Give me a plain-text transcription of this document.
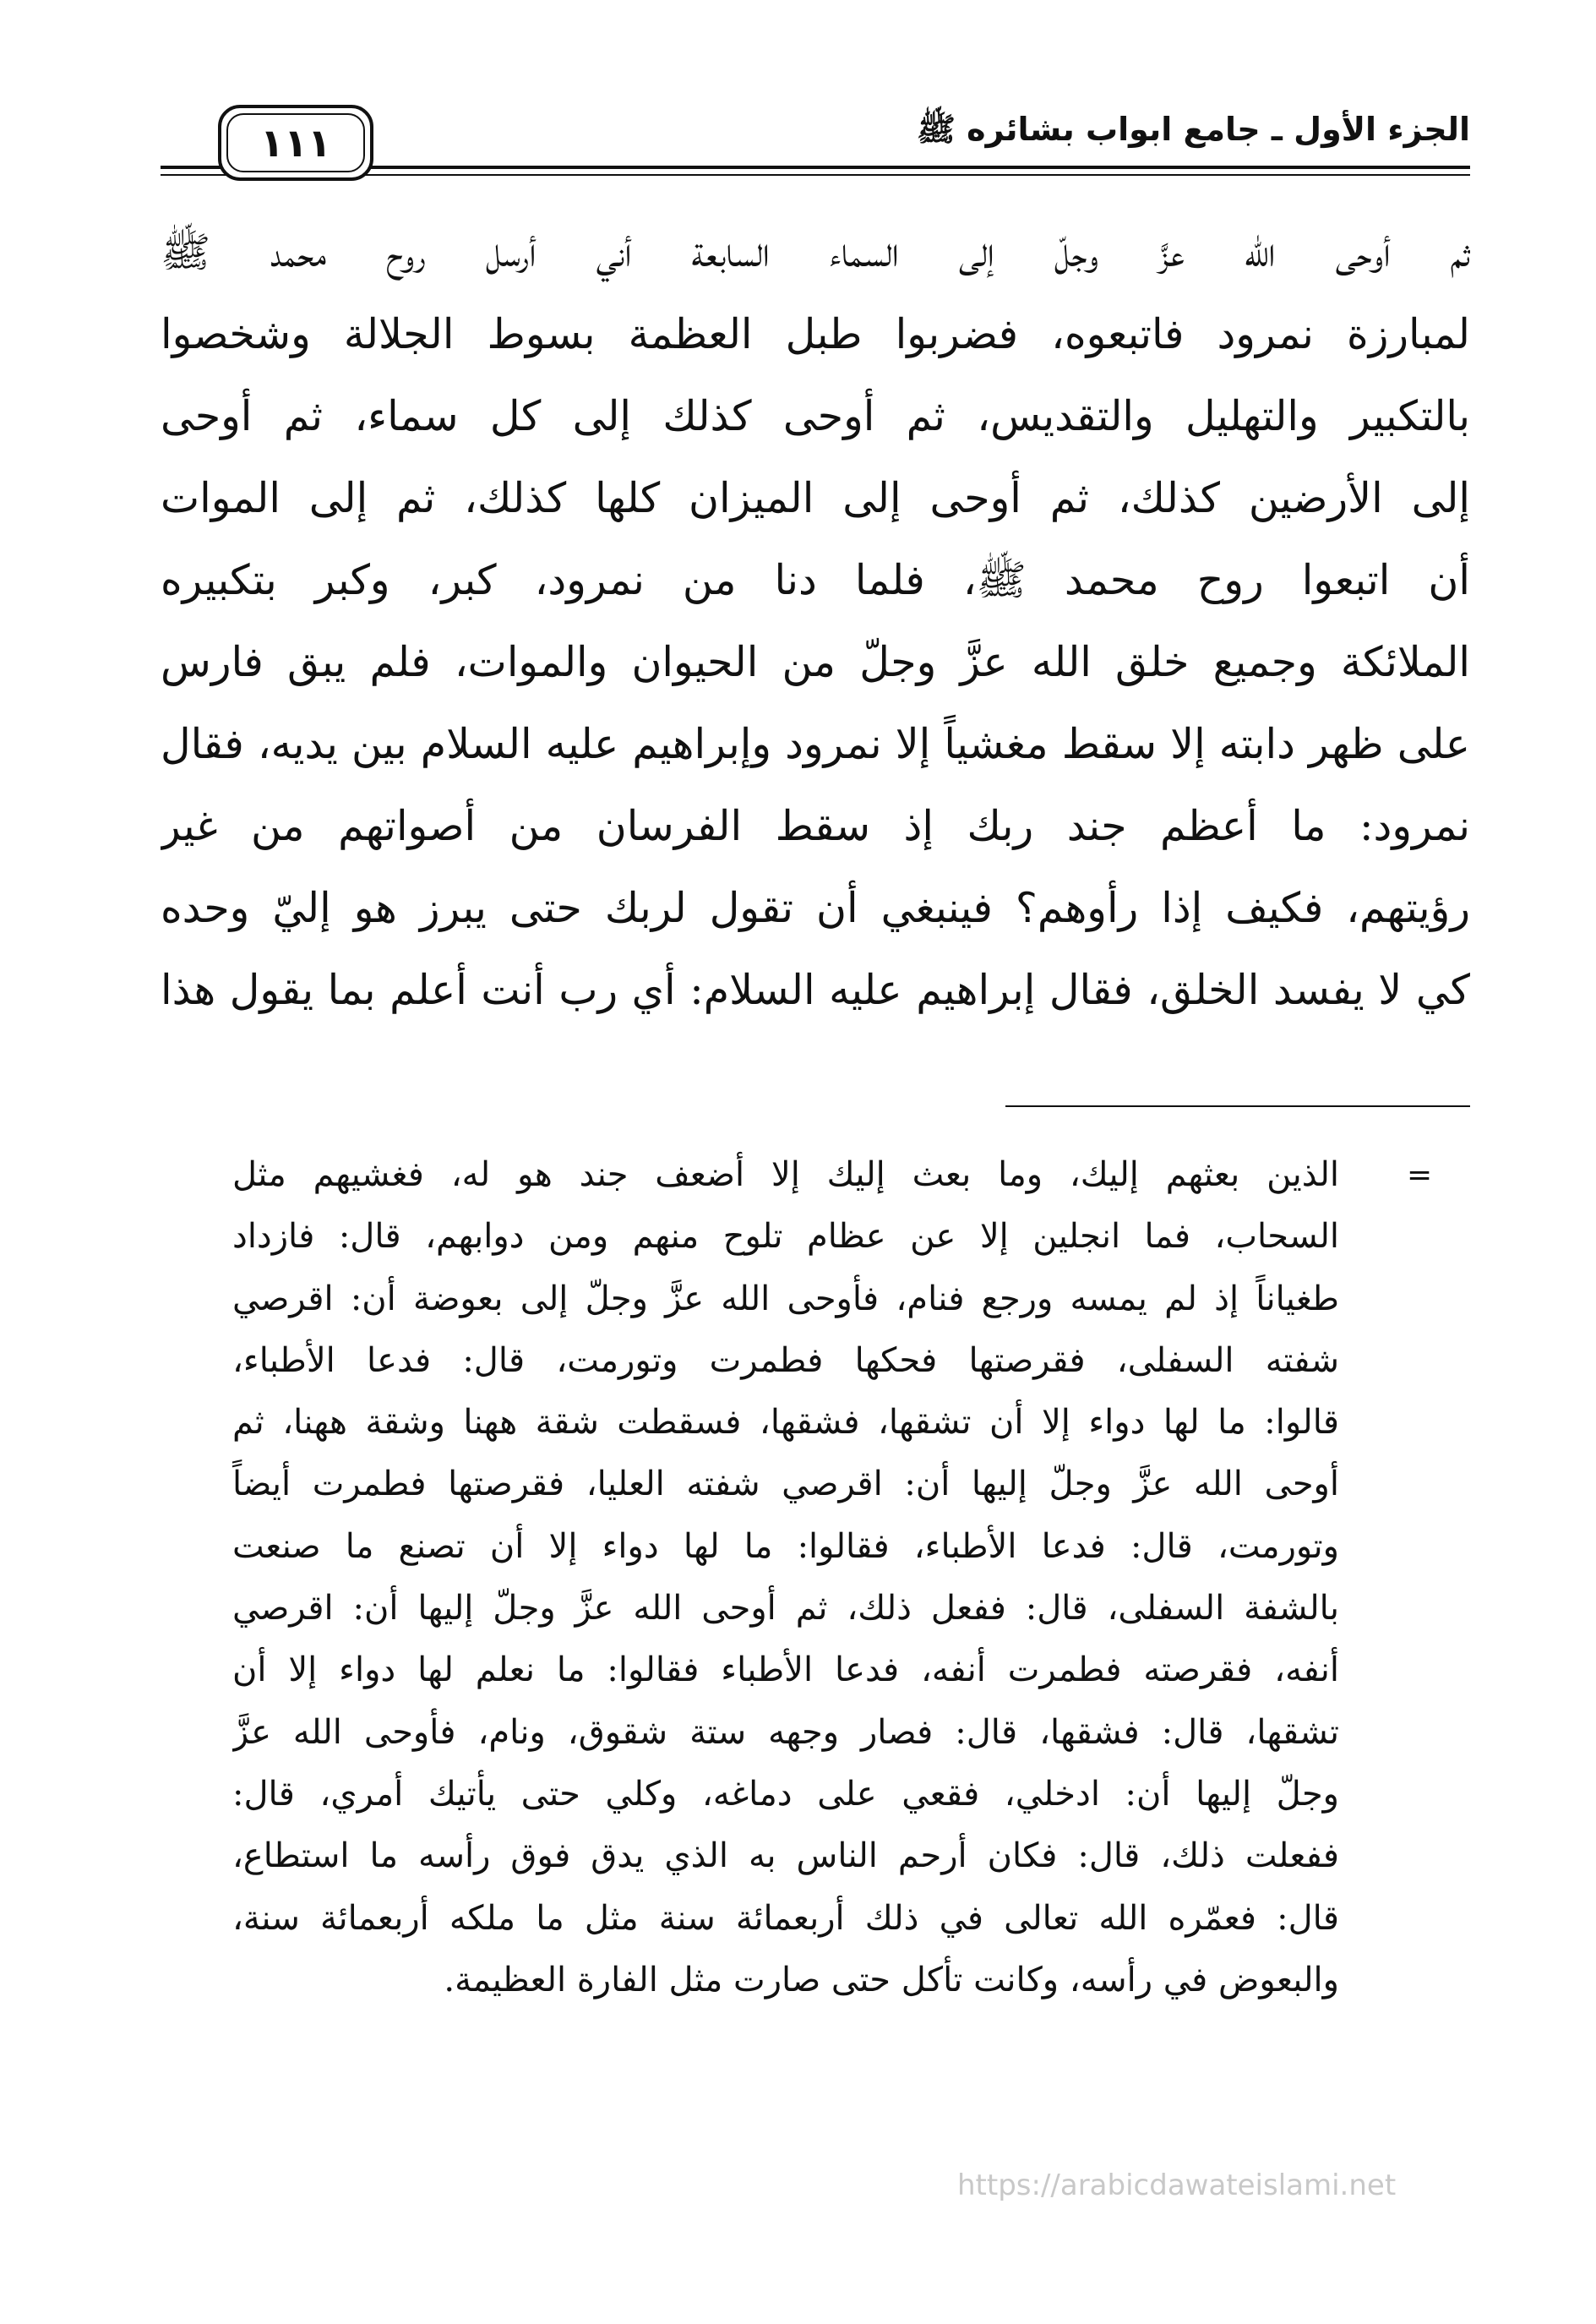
الجزء الأول ـ جامع ابواب بشائره ﷺ
١١١
ثم أوحى الله عزَّ وجلّ إلى السماء السابعة أني أرسل روح محمد ﷺ
لمبارزة نمرود فاتبعوه، فضربوا طبل العظمة بسوط الجلالة وشخصوا
بالتكبير والتهليل والتقديس، ثم أوحى كذلك إلى كل سماء، ثم أوحى
إلى الأرضين كذلك، ثم أوحى إلى الميزان كلها كذلك، ثم إلى الموات
أن اتبعوا روح محمد ﷺ، فلما دنا من نمرود، كبر، وكبر بتكبيره
الملائكة وجميع خلق الله عزَّ وجلّ من الحيوان والموات، فلم يبق فارس
على ظهر دابته إلا سقط مغشياً إلا نمرود وإبراهيم عليه السلام بين يديه، فقال
نمرود: ما أعظم جند ربك إذ سقط الفرسان من أصواتهم من غير
رؤيتهم، فكيف إذا رأوهم؟ فينبغي أن تقول لربك حتى يبرز هو إليّ وحده
كي لا يفسد الخلق، فقال إبراهيم عليه السلام: أي رب أنت أعلم بما يقول هذا
=
الذين بعثهم إليك، وما بعث إليك إلا أضعف جند هو له، فغشيهم مثل
السحاب، فما انجلين إلا عن عظام تلوح منهم ومن دوابهم، قال: فازداد
طغياناً إذ لم يمسه ورجع فنام، فأوحى الله عزَّ وجلّ إلى بعوضة أن: اقرصي
شفته السفلى، فقرصتها فحكها فطمرت وتورمت، قال: فدعا الأطباء،
قالوا: ما لها دواء إلا أن تشقها، فشقها، فسقطت شقة ههنا وشقة ههنا، ثم
أوحى الله عزَّ وجلّ إليها أن: اقرصي شفته العليا، فقرصتها فطمرت أيضاً
وتورمت، قال: فدعا الأطباء، فقالوا: ما لها دواء إلا أن تصنع ما صنعت
بالشفة السفلى، قال: ففعل ذلك، ثم أوحى الله عزَّ وجلّ إليها أن: اقرصي
أنفه، فقرصته فطمرت أنفه، فدعا الأطباء فقالوا: ما نعلم لها دواء إلا أن
تشقها، قال: فشقها، قال: فصار وجهه ستة شقوق، ونام، فأوحى الله عزَّ
وجلّ إليها أن: ادخلي، فقعي على دماغه، وكلي حتى يأتيك أمري، قال:
ففعلت ذلك، قال: فكان أرحم الناس به الذي يدق فوق رأسه ما استطاع،
قال: فعمّره الله تعالى في ذلك أربعمائة سنة مثل ما ملكه أربعمائة سنة،
والبعوض في رأسه، وكانت تأكل حتى صارت مثل الفارة العظيمة.
https://arabicdawateislami.net
